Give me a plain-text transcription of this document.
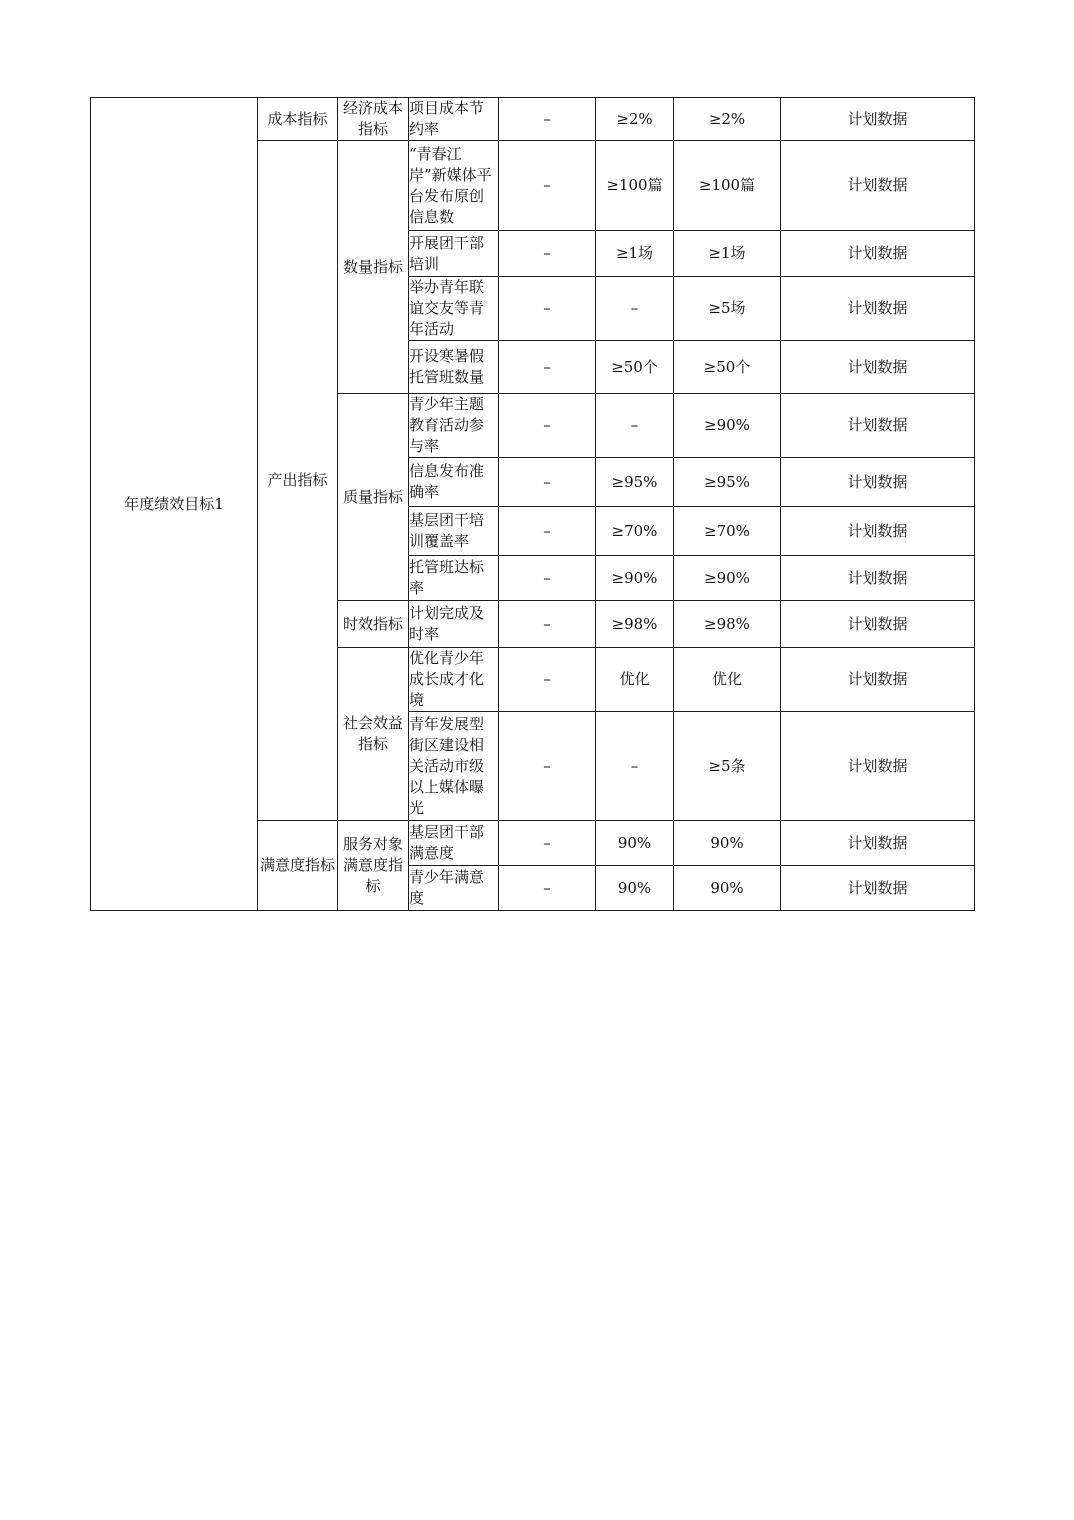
年度绩效目标1	成本指标	经济成本指标	项目成本节约率	–	≥2%	≥2%	计划数据
	产出指标	数量指标	“青春江岸”新媒体平台发布原创信息数	–	≥100篇	≥100篇	计划数据
			开展团干部培训	–	≥1场	≥1场	计划数据
			举办青年联谊交友等青年活动	–	–	≥5场	计划数据
			开设寒暑假托管班数量	–	≥50个	≥50个	计划数据
		质量指标	青少年主题教育活动参与率	–	–	≥90%	计划数据
			信息发布准确率	–	≥95%	≥95%	计划数据
			基层团干培训覆盖率	–	≥70%	≥70%	计划数据
			托管班达标率	–	≥90%	≥90%	计划数据
		时效指标	计划完成及时率	–	≥98%	≥98%	计划数据
		社会效益指标	优化青少年成长成才化境	–	优化	优化	计划数据
			青年发展型街区建设相关活动市级以上媒体曝光	–	–	≥5条	计划数据
	满意度指标	服务对象满意度指标	基层团干部满意度	–	90%	90%	计划数据
			青少年满意度	–	90%	90%	计划数据
